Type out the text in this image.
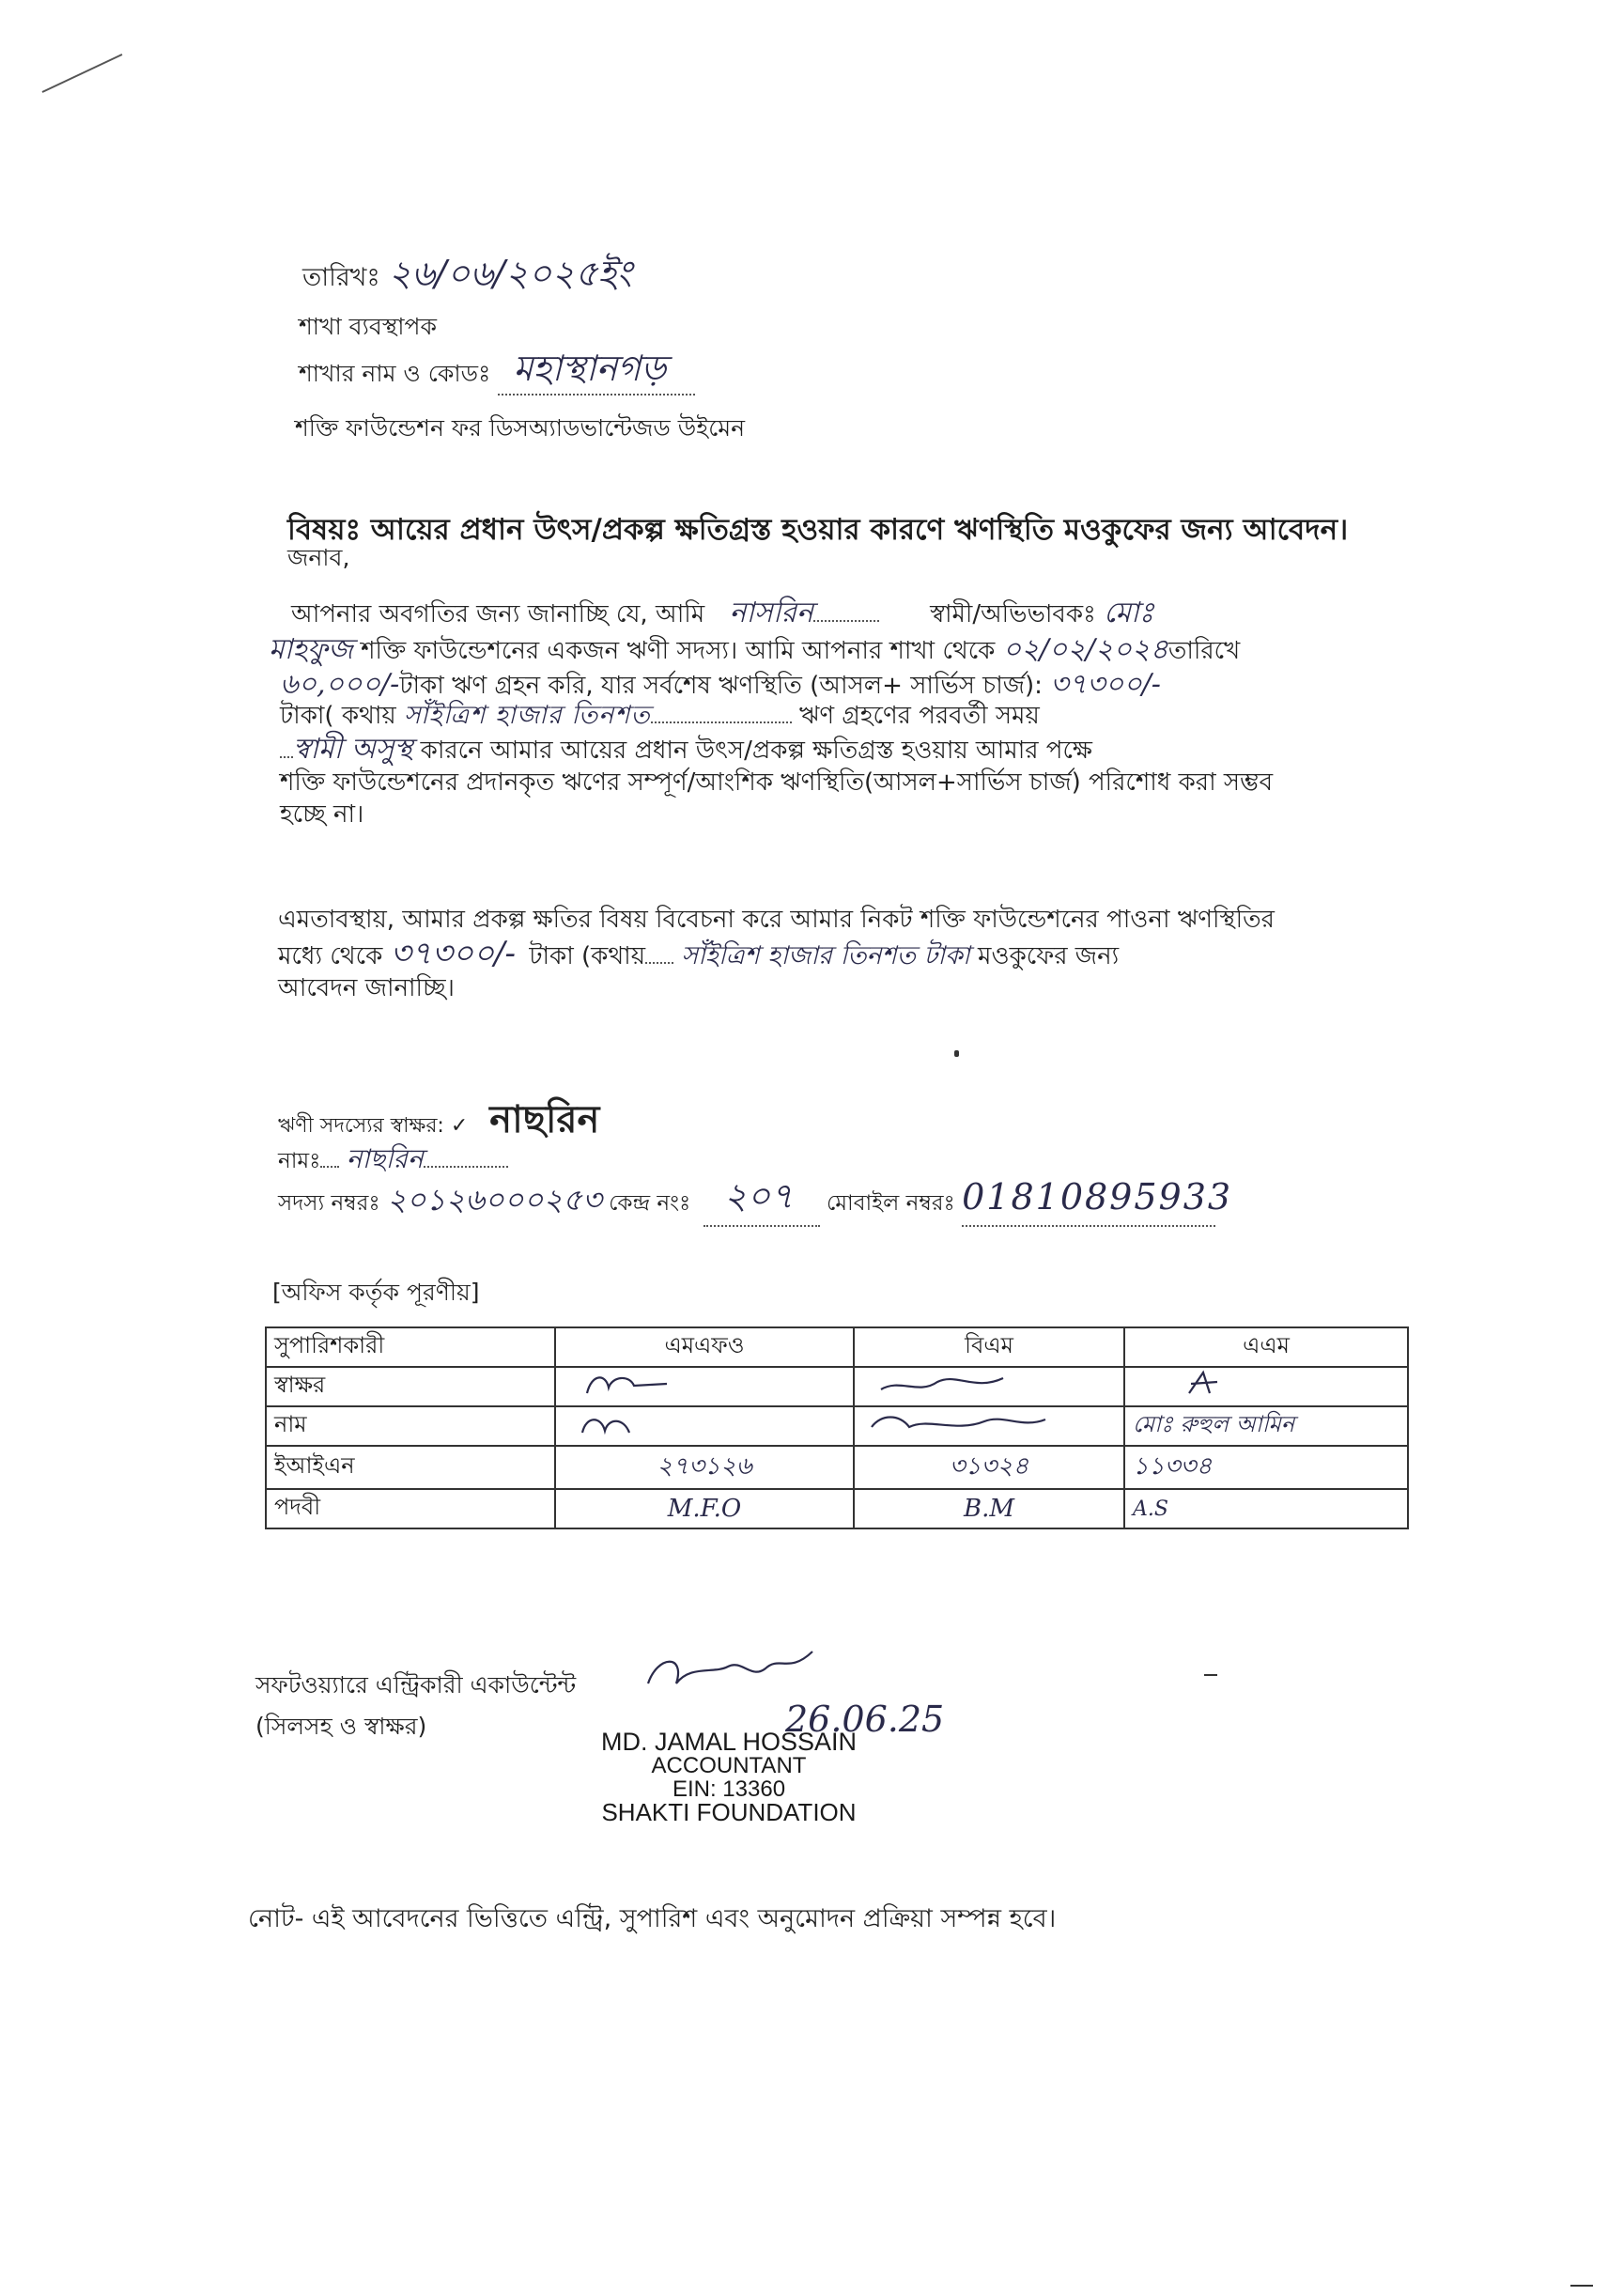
তারিখঃ ২৬/০৬/২০২৫ইং
শাখা ব্যবস্থাপক
শাখার নাম ও কোডঃ মহাস্থানগড়
শক্তি ফাউন্ডেশন ফর ডিসঅ্যাডভান্টেজড উইমেন
বিষয়ঃ আয়ের প্রধান উৎস/প্রকল্প ক্ষতিগ্রস্ত হওয়ার কারণে ঋণস্থিতি মওকুফের জন্য আবেদন।
জনাব,

আপনার অবগতির জন্য জানাচ্ছি যে, আমি নাসরিন	স্বামী/অভিভাবকঃ মোঃ

মাহফুজ শক্তি ফাউন্ডেশনের একজন ঋণী সদস্য। আমি আপনার শাখা থেকে ০২/০২/২০২৪তারিখে

৬০,০০০/-টাকা ঋণ গ্রহন করি, যার সর্বশেষ ঋণস্থিতি (আসল+ সার্ভিস চার্জ): ৩৭৩০০/-

টাকা( কথায় সাঁইত্রিশ হাজার তিনশত	ঋণ গ্রহণের পরবর্তী সময়

স্বামী অসুস্থ কারনে আমার আয়ের প্রধান উৎস/প্রকল্প ক্ষতিগ্রস্ত হওয়ায় আমার পক্ষে

শক্তি ফাউন্ডেশনের প্রদানকৃত ঋণের সম্পূর্ণ/আংশিক ঋণস্থিতি(আসল+সার্ভিস চার্জ) পরিশোধ করা সম্ভব

হচ্ছে না।

এমতাবস্থায়, আমার প্রকল্প ক্ষতির বিষয় বিবেচনা করে আমার নিকট শক্তি ফাউন্ডেশনের পাওনা ঋণস্থিতির

মধ্যে থেকে ৩৭৩০০/- টাকা (কথায় সাঁইত্রিশ হাজার তিনশত টাকা মওকুফের জন্য

আবেদন জানাচ্ছি।

ঋণী সদস্যের স্বাক্ষর: ✓ নাছরিন
নামঃ নাছরিন
সদস্য নম্বরঃ ২০১২৬০০০২৫৩ কেন্দ্র নংঃ ২০৭ মোবাইল নম্বরঃ 01810895933
[অফিস কর্তৃক পূরণীয়]
সুপারিশকারী	এমএফও	বিএম	এএম
স্বাক্ষর			
নাম			মোঃ রুহুল আমিন
ইআইএন	২৭৩১২৬	৩১৩২৪	১১৩৩৪
পদবী	M.F.O	B.M	A.S
সফটওয়্যারে এন্ট্রিকারী একাউন্টেন্ট
(সিলসহ ও স্বাক্ষর)	26.06.25
MD. JAMAL HOSSAIN
ACCOUNTANT
EIN: 13360
SHAKTI FOUNDATION
নোট- এই আবেদনের ভিত্তিতে এন্ট্রি, সুপারিশ এবং অনুমোদন প্রক্রিয়া সম্পন্ন হবে।
